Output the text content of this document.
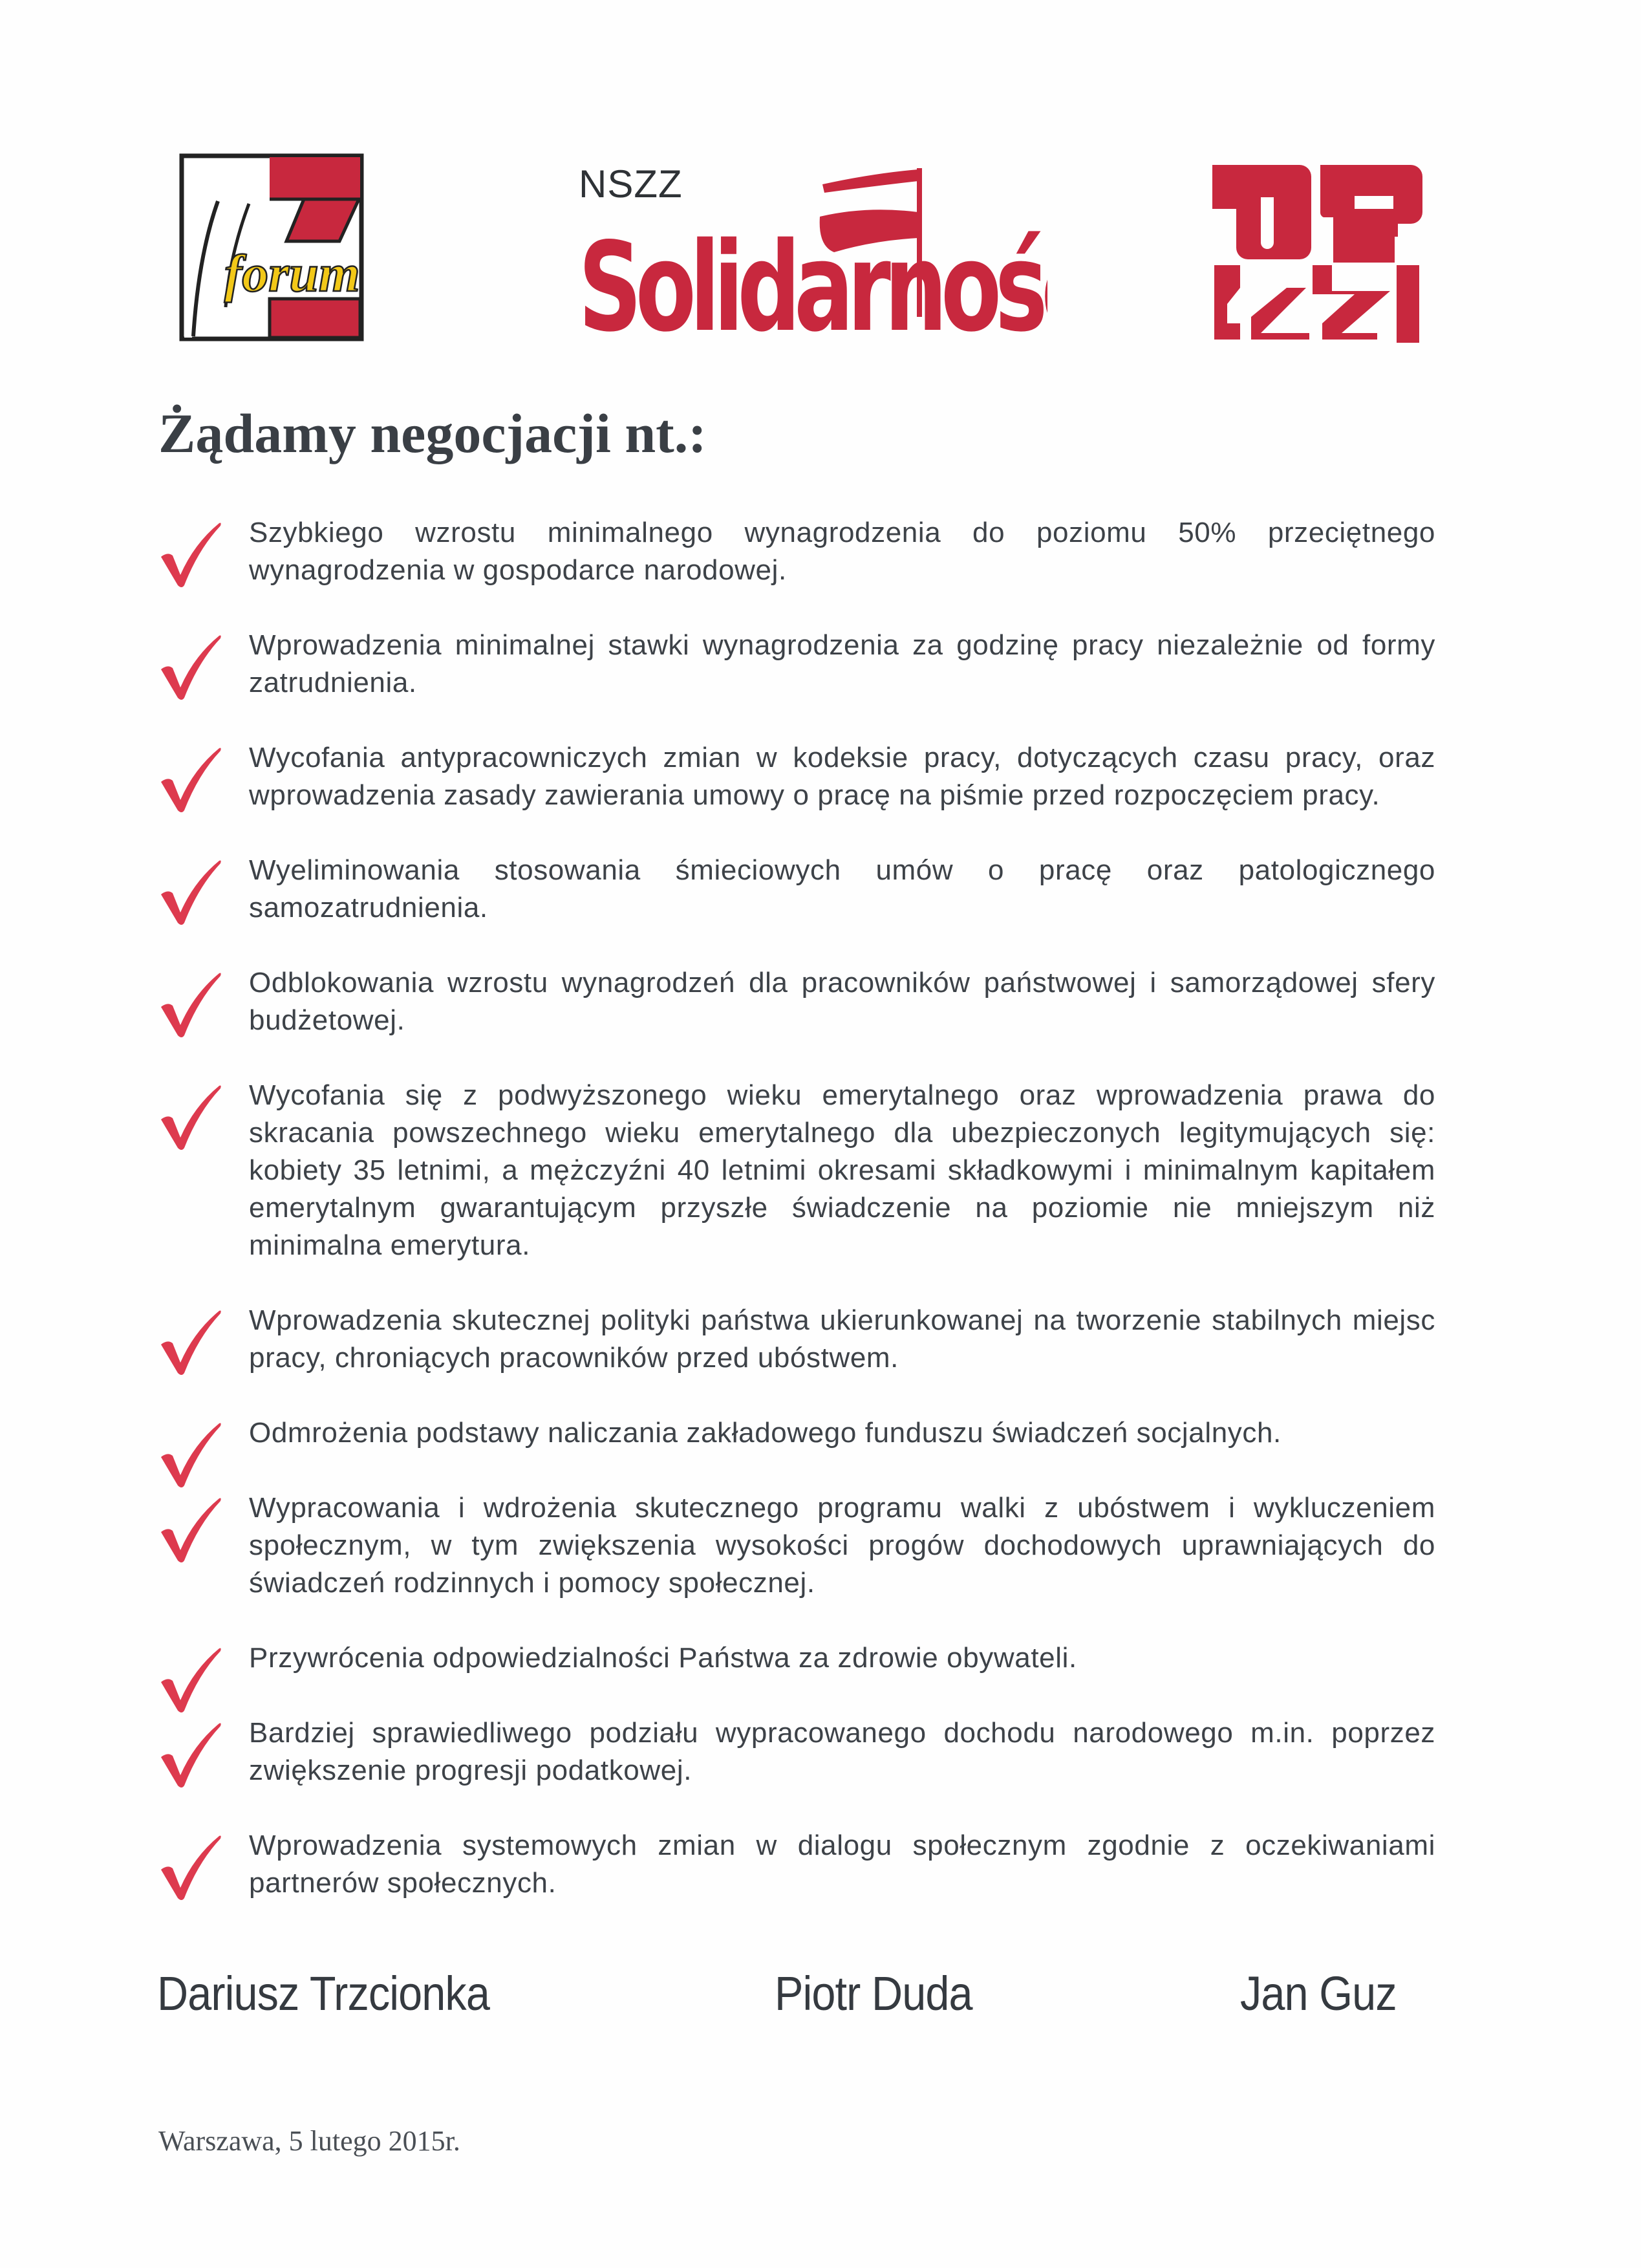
forum
NSZZ
Solidarność
Żądamy negocjacji nt.:
Szybkiego wzrostu minimalnego wynagrodzenia do poziomu 50% przeciętnego wynagrodzenia w gospodarce narodowej.
Wprowadzenia minimalnej stawki wynagrodzenia za godzinę pracy niezależnie od formy zatrudnienia.
Wycofania antypracowniczych zmian w kodeksie pracy, dotyczących czasu pracy, oraz wprowadzenia zasady zawierania umowy o pracę na piśmie przed rozpoczęciem pracy.
Wyeliminowania stosowania śmieciowych umów o pracę oraz patologicznego samozatrudnienia.
Odblokowania wzrostu wynagrodzeń dla pracowników państwowej i samorządowej sfery budżetowej.
Wycofania się z podwyższonego wieku emerytalnego oraz wprowadzenia prawa do skracania powszechnego wieku emerytalnego dla ubezpieczonych legitymujących się: kobiety 35 letnimi, a mężczyźni 40 letnimi okresami składkowymi i minimalnym kapitałem emerytalnym gwarantującym przyszłe świadczenie na poziomie nie mniejszym niż minimalna emerytura.
Wprowadzenia skutecznej polityki państwa ukierunkowanej na tworzenie stabilnych miejsc pracy, chroniących pracowników przed ubóstwem.
Odmrożenia podstawy naliczania zakładowego funduszu świadczeń socjalnych.
Wypracowania i wdrożenia skutecznego programu walki z ubóstwem i wykluczeniem społecznym, w tym zwiększenia wysokości progów dochodowych uprawniających do świadczeń rodzinnych i pomocy społecznej.
Przywrócenia odpowiedzialności Państwa za zdrowie obywateli.
Bardziej sprawiedliwego podziału wypracowanego dochodu narodowego m.in. poprzez zwiększenie progresji podatkowej.
Wprowadzenia systemowych zmian w dialogu społecznym zgodnie z oczekiwaniami partnerów społecznych.
Dariusz Trzcionka	Piotr Duda	Jan Guz
Warszawa, 5 lutego 2015r.
